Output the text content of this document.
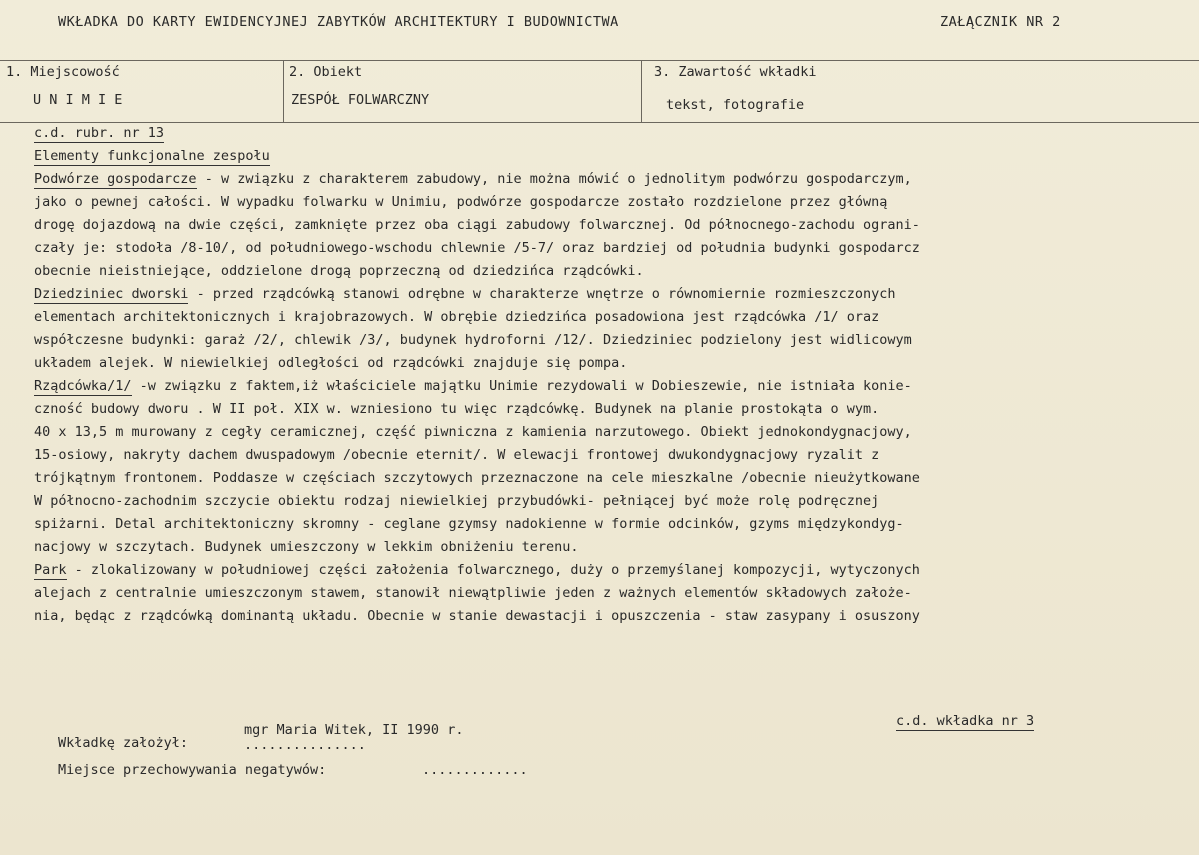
WKŁADKA DO KARTY EWIDENCYJNEJ ZABYTKÓW ARCHITEKTURY I BUDOWNICTWA	ZAŁĄCZNIK NR 2
1. Miejscowość
U N I M I E
2. Obiekt
ZESPÓŁ FOLWARCZNY
3. Zawartość wkładki
tekst, fotografie
c.d. rubr. nr 13
Elementy funkcjonalne zespołu
Podwórze gospodarcze - w związku z charakterem zabudowy, nie można mówić o jednolitym podwórzu gospodarczym,
jako o pewnej całości. W wypadku folwarku w Unimiu, podwórze gospodarcze zostało rozdzielone przez główną
drogę dojazdową na dwie części, zamknięte przez oba ciągi zabudowy folwarcznej. Od północnego-zachodu ograni-
czały je: stodoła /8-10/, od południowego-wschodu chlewnie /5-7/ oraz bardziej od południa budynki gospodarcz
obecnie nieistniejące, oddzielone drogą poprzeczną od dziedzińca rządcówki.
Dziedziniec dworski - przed rządcówką stanowi odrębne w charakterze wnętrze o równomiernie rozmieszczonych
elementach architektonicznych i krajobrazowych. W obrębie dziedzińca posadowiona jest rządcówka /1/ oraz
współczesne budynki: garaż /2/, chlewik /3/, budynek hydroforni /12/. Dziedziniec podzielony jest widlicowym
układem alejek. W niewielkiej odległości od rządcówki znajduje się pompa.
Rządcówka/1/ -w związku z faktem,iż właściciele majątku Unimie rezydowali w Dobieszewie, nie istniała konie-
czność budowy dworu . W II poł. XIX w. wzniesiono tu więc rządcówkę. Budynek na planie prostokąta o wym.
40 x 13,5 m murowany z cegły ceramicznej, część piwniczna z kamienia narzutowego. Obiekt jednokondygnacjowy,
15-osiowy, nakryty dachem dwuspadowym /obecnie eternit/. W elewacji frontowej dwukondygnacjowy ryzalit z
trójkątnym frontonem. Poddasze w częściach szczytowych przeznaczone na cele mieszkalne /obecnie nieużytkowane
W północno-zachodnim szczycie obiektu rodzaj niewielkiej przybudówki- pełniącej być może rolę podręcznej
spiżarni. Detal architektoniczny skromny - ceglane gzymsy nadokienne w formie odcinków, gzyms międzykondyg-
nacjowy w szczytach. Budynek umieszczony w lekkim obniżeniu terenu.
Park - zlokalizowany w południowej części założenia folwarcznego, duży o przemyślanej kompozycji, wytyczonych
alejach z centralnie umieszczonym stawem, stanowił niewątpliwie jeden z ważnych elementów składowych założe-
nia, będąc z rządcówką dominantą układu. Obecnie w stanie dewastacji i opuszczenia - staw zasypany i osuszony
c.d. wkładka nr 3
Wkładkę założył:
mgr Maria Witek, II 1990 r.
...............
Miejsce przechowywania negatywów:	.............
